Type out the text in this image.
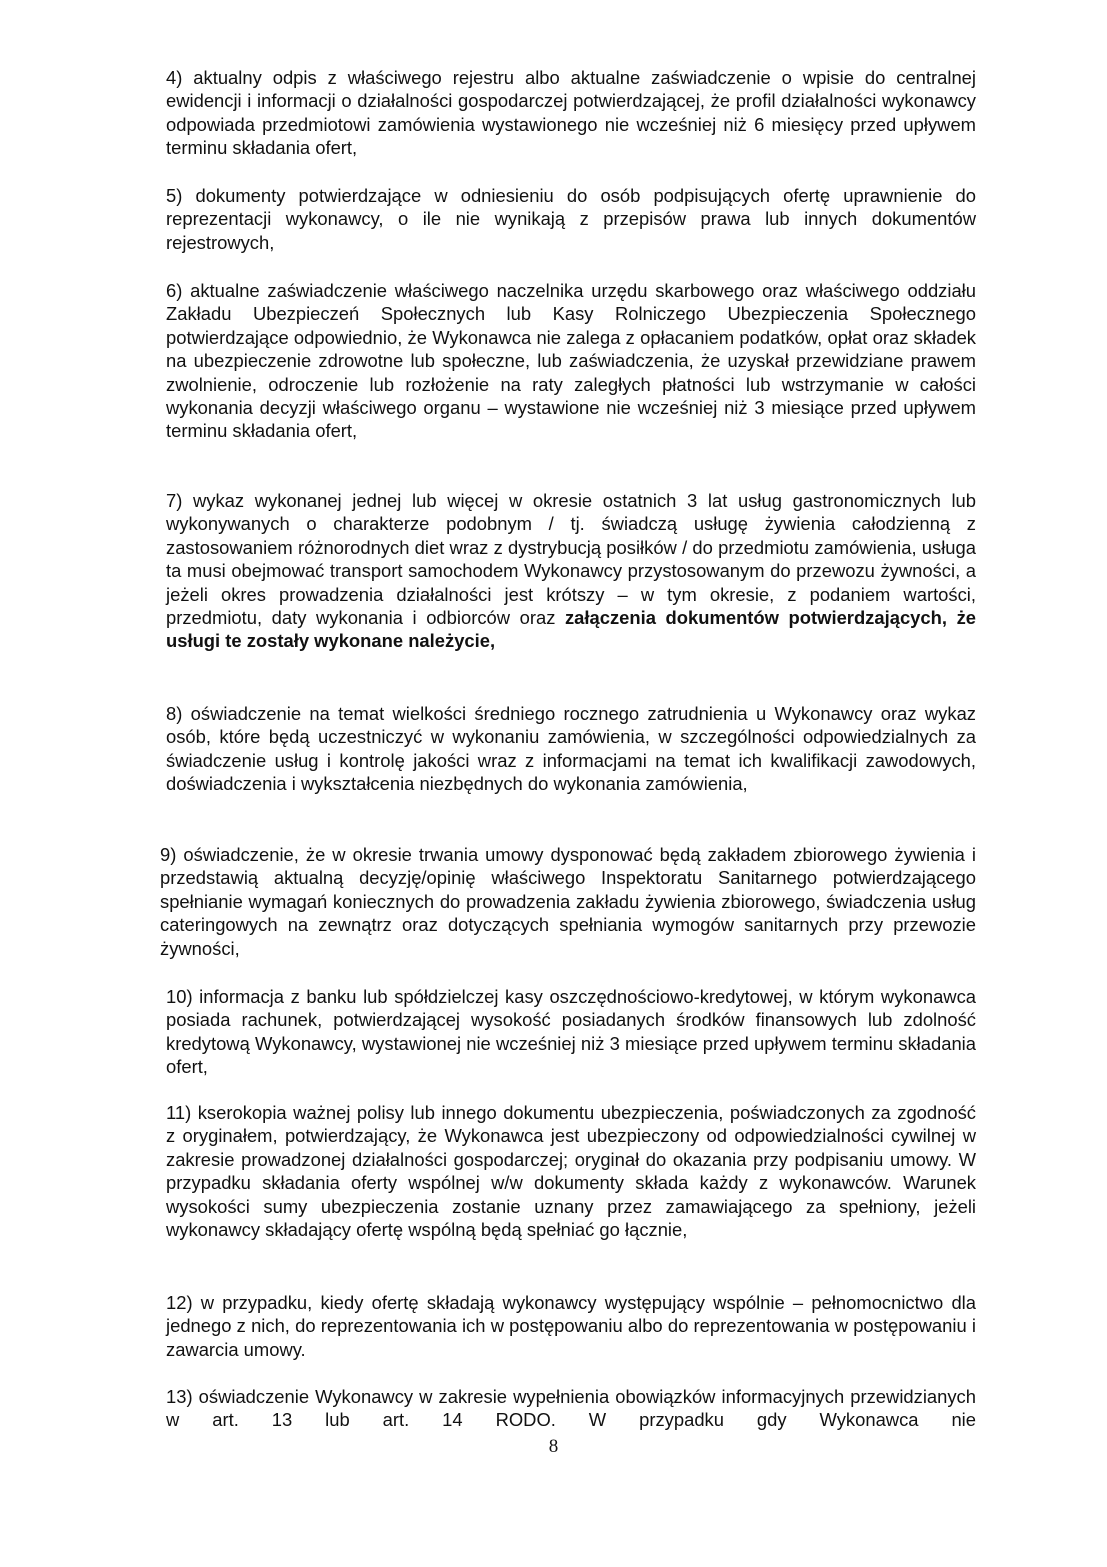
4) aktualny odpis z właściwego rejestru albo aktualne zaświadczenie o wpisie do centralnej ewidencji i informacji o działalności gospodarczej potwierdzającej, że profil działalności wykonawcy odpowiada przedmiotowi zamówienia wystawionego nie wcześniej niż 6 miesięcy przed upływem terminu składania ofert,

5) dokumenty potwierdzające w odniesieniu do osób podpisujących ofertę uprawnienie do reprezentacji wykonawcy, o ile nie wynikają z przepisów prawa lub innych dokumentów rejestrowych,

6) aktualne zaświadczenie właściwego naczelnika urzędu skarbowego oraz właściwego oddziału Zakładu Ubezpieczeń Społecznych lub Kasy Rolniczego Ubezpieczenia Społecznego potwierdzające odpowiednio, że Wykonawca nie zalega z opłacaniem podatków, opłat oraz składek na ubezpieczenie zdrowotne lub społeczne, lub zaświadczenia, że uzyskał przewidziane prawem zwolnienie, odroczenie lub rozłożenie na raty zaległych płatności lub wstrzymanie w całości wykonania decyzji właściwego organu – wystawione nie wcześniej niż 3 miesiące przed upływem terminu składania ofert,

7) wykaz wykonanej jednej lub więcej w okresie ostatnich 3 lat usług gastronomicznych lub wykonywanych o charakterze podobnym / tj. świadczą usługę żywienia całodzienną z zastosowaniem różnorodnych diet wraz z dystrybucją posiłków / do przedmiotu zamówienia, usługa ta musi obejmować transport samochodem Wykonawcy przystosowanym do przewozu żywności, a jeżeli okres prowadzenia działalności jest krótszy – w tym okresie, z podaniem wartości, przedmiotu, daty wykonania i odbiorców oraz załączenia dokumentów potwierdzających, że usługi te zostały wykonane należycie,

8) oświadczenie na temat wielkości średniego rocznego zatrudnienia u Wykonawcy oraz wykaz osób, które będą uczestniczyć w wykonaniu zamówienia, w szczególności odpowiedzialnych za świadczenie usług i kontrolę jakości wraz z informacjami na temat ich kwalifikacji zawodowych, doświadczenia i wykształcenia niezbędnych do wykonania zamówienia,

9) oświadczenie, że w okresie trwania umowy dysponować będą zakładem zbiorowego żywienia i przedstawią aktualną decyzję/opinię właściwego Inspektoratu Sanitarnego potwierdzającego spełnianie wymagań koniecznych do prowadzenia zakładu żywienia zbiorowego, świadczenia usług cateringowych na zewnątrz oraz dotyczących spełniania wymogów sanitarnych przy przewozie żywności,

10) informacja z banku lub spółdzielczej kasy oszczędnościowo-kredytowej, w którym wykonawca posiada rachunek, potwierdzającej wysokość posiadanych środków finansowych lub zdolność kredytową Wykonawcy, wystawionej nie wcześniej niż 3 miesiące przed upływem terminu składania ofert,

11) kserokopia ważnej polisy lub innego dokumentu ubezpieczenia, poświadczonych za zgodność z oryginałem, potwierdzający, że Wykonawca jest ubezpieczony od odpowiedzialności cywilnej w zakresie prowadzonej działalności gospodarczej; oryginał do okazania przy podpisaniu umowy. W przypadku składania oferty wspólnej w/w dokumenty składa każdy z wykonawców. Warunek wysokości sumy ubezpieczenia zostanie uznany przez zamawiającego za spełniony, jeżeli wykonawcy składający ofertę wspólną będą spełniać go łącznie,

12) w przypadku, kiedy ofertę składają wykonawcy występujący wspólnie – pełnomocnictwo dla jednego z nich, do reprezentowania ich w postępowaniu albo do reprezentowania w postępowaniu i zawarcia umowy.

13) oświadczenie Wykonawcy w zakresie wypełnienia obowiązków informacyjnych przewidzianych w art. 13 lub art. 14 RODO. W przypadku gdy Wykonawca nie

8
